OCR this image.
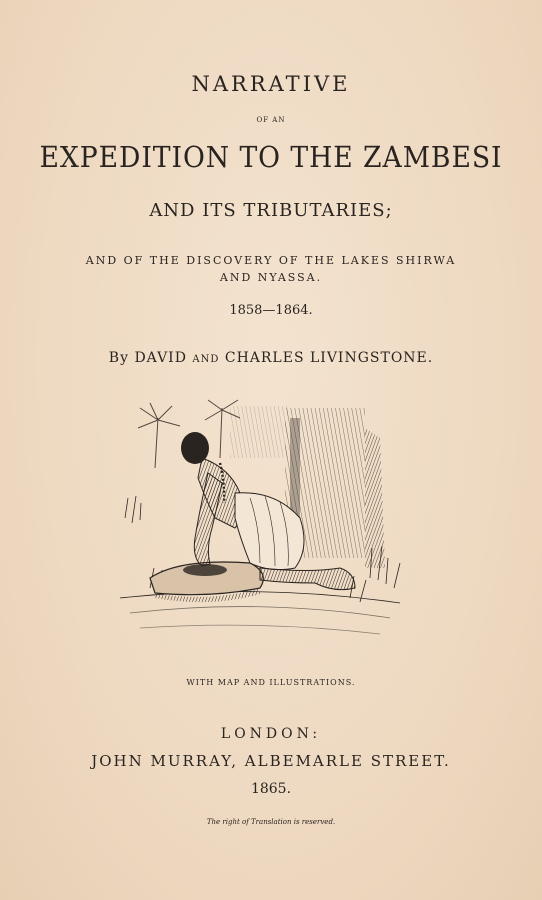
NARRATIVE
OF AN
EXPEDITION TO THE ZAMBESI
AND ITS TRIBUTARIES;
AND OF THE DISCOVERY OF THE LAKES SHIRWA
AND NYASSA.
1858—1864.
By DAVID AND CHARLES LIVINGSTONE.
WITH MAP AND ILLUSTRATIONS.
LONDON:
JOHN MURRAY, ALBEMARLE STREET.
1865.
The right of Translation is reserved.
